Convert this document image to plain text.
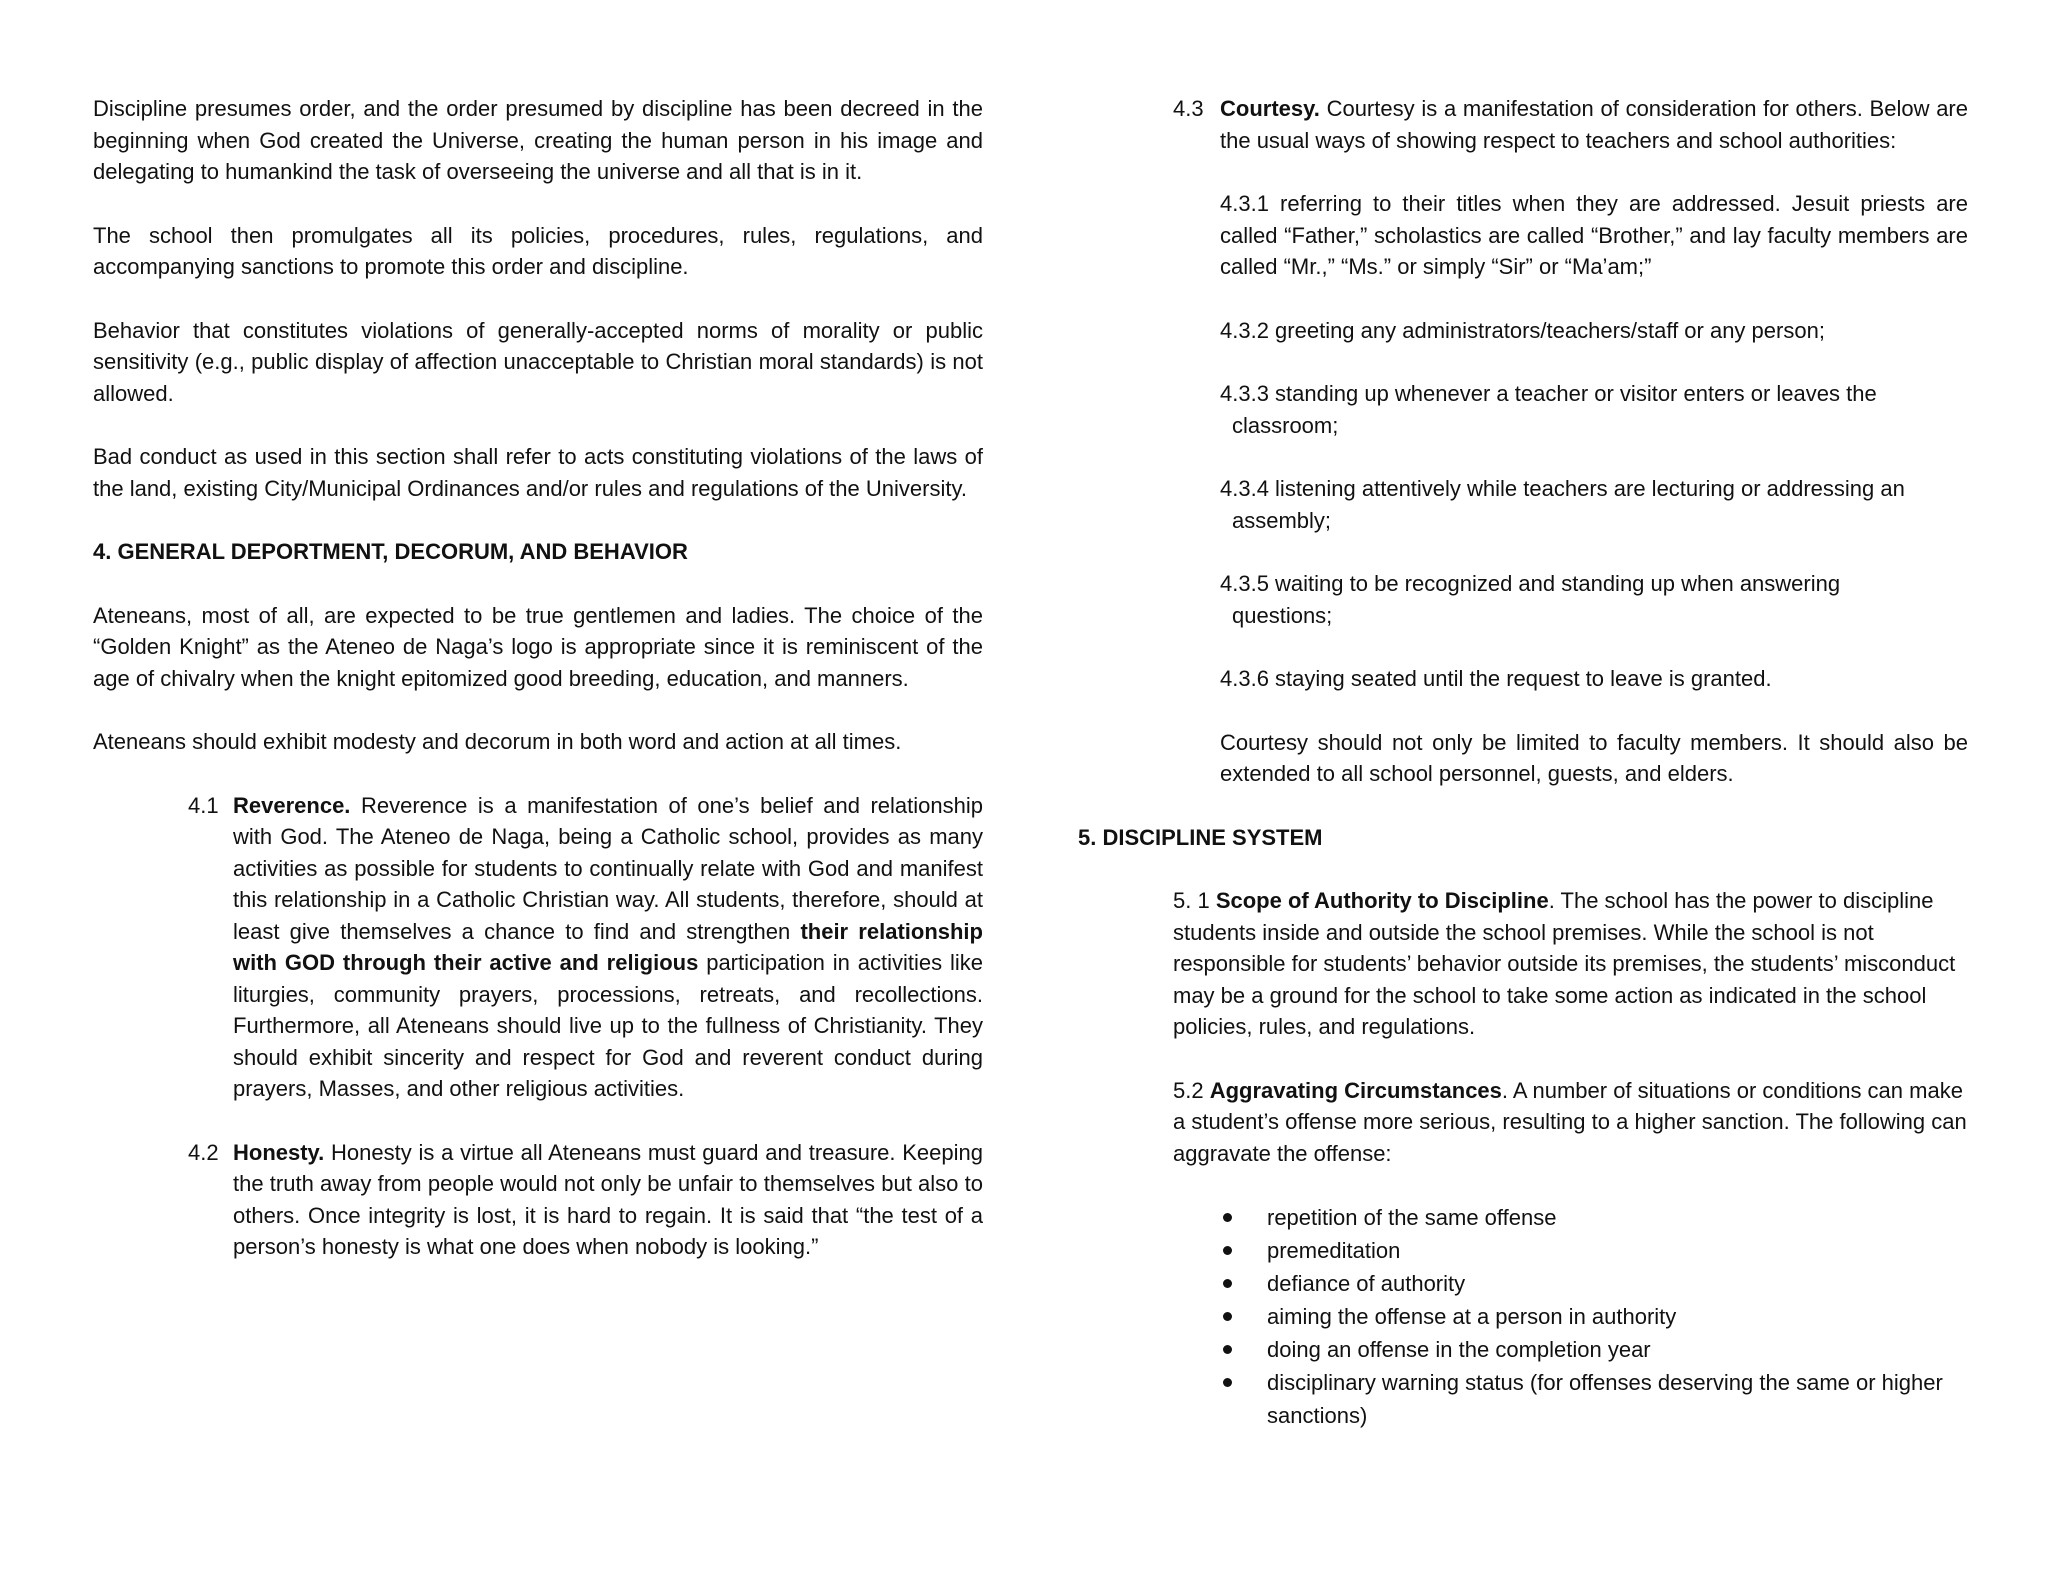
Discipline presumes order, and the order presumed by discipline has been decreed in the beginning when God created the Universe, creating the human person in his image and delegating to humankind the task of overseeing the universe and all that is in it.

The school then promulgates all its policies, procedures, rules, regulations, and accompanying sanctions to promote this order and discipline.

Behavior that constitutes violations of generally-accepted norms of morality or public sensitivity (e.g., public display of affection unacceptable to Christian moral standards) is not allowed.

Bad conduct as used in this section shall refer to acts constituting violations of the laws of the land, existing City/Municipal Ordinances and/or rules and regulations of the University.

4. GENERAL DEPORTMENT, DECORUM, AND BEHAVIOR

Ateneans, most of all, are expected to be true gentlemen and ladies. The choice of the “Golden Knight” as the Ateneo de Naga’s logo is appropriate since it is reminiscent of the age of chivalry when the knight epitomized good breeding, education, and manners.

Ateneans should exhibit modesty and decorum in both word and action at all times.

4.1 Reverence. Reverence is a manifestation of one’s belief and relationship with God. The Ateneo de Naga, being a Catholic school, provides as many activities as possible for students to continually relate with God and manifest this relationship in a Catholic Christian way. All students, therefore, should at least give themselves a chance to find and strengthen their relationship with GOD through their active and religious participation in activities like liturgies, community prayers, processions, retreats, and recollections. Furthermore, all Ateneans should live up to the fullness of Christianity. They should exhibit sincerity and respect for God and reverent conduct during prayers, Masses, and other religious activities.

4.2 Honesty. Honesty is a virtue all Ateneans must guard and treasure. Keeping the truth away from people would not only be unfair to themselves but also to others. Once integrity is lost, it is hard to regain. It is said that “the test of a person’s honesty is what one does when nobody is looking.”

4.3 Courtesy. Courtesy is a manifestation of consideration for others. Below are the usual ways of showing respect to teachers and school authorities:

4.3.1 referring to their titles when they are addressed. Jesuit priests are called “Father,” scholastics are called “Brother,” and lay faculty members are called “Mr.,” “Ms.” or simply “Sir” or “Ma’am;”

4.3.2 greeting any administrators/teachers/staff or any person;

4.3.3 standing up whenever a teacher or visitor enters or leaves the
classroom;

4.3.4 listening attentively while teachers are lecturing or addressing an
assembly;

4.3.5 waiting to be recognized and standing up when answering
questions;

4.3.6 staying seated until the request to leave is granted.

Courtesy should not only be limited to faculty members. It should also be extended to all school personnel, guests, and elders.

5. DISCIPLINE SYSTEM

5. 1 Scope of Authority to Discipline. The school has the power to discipline students inside and outside the school premises. While the school is not responsible for students’ behavior outside its premises, the students’ misconduct may be a ground for the school to take some action as indicated in the school policies, rules, and regulations.

5.2 Aggravating Circumstances. A number of situations or conditions can make a student’s offense more serious, resulting to a higher sanction. The following can aggravate the offense:

repetition of the same offense
premeditation
defiance of authority
aiming the offense at a person in authority
doing an offense in the completion year
disciplinary warning status (for offenses deserving the same or higher sanctions)
